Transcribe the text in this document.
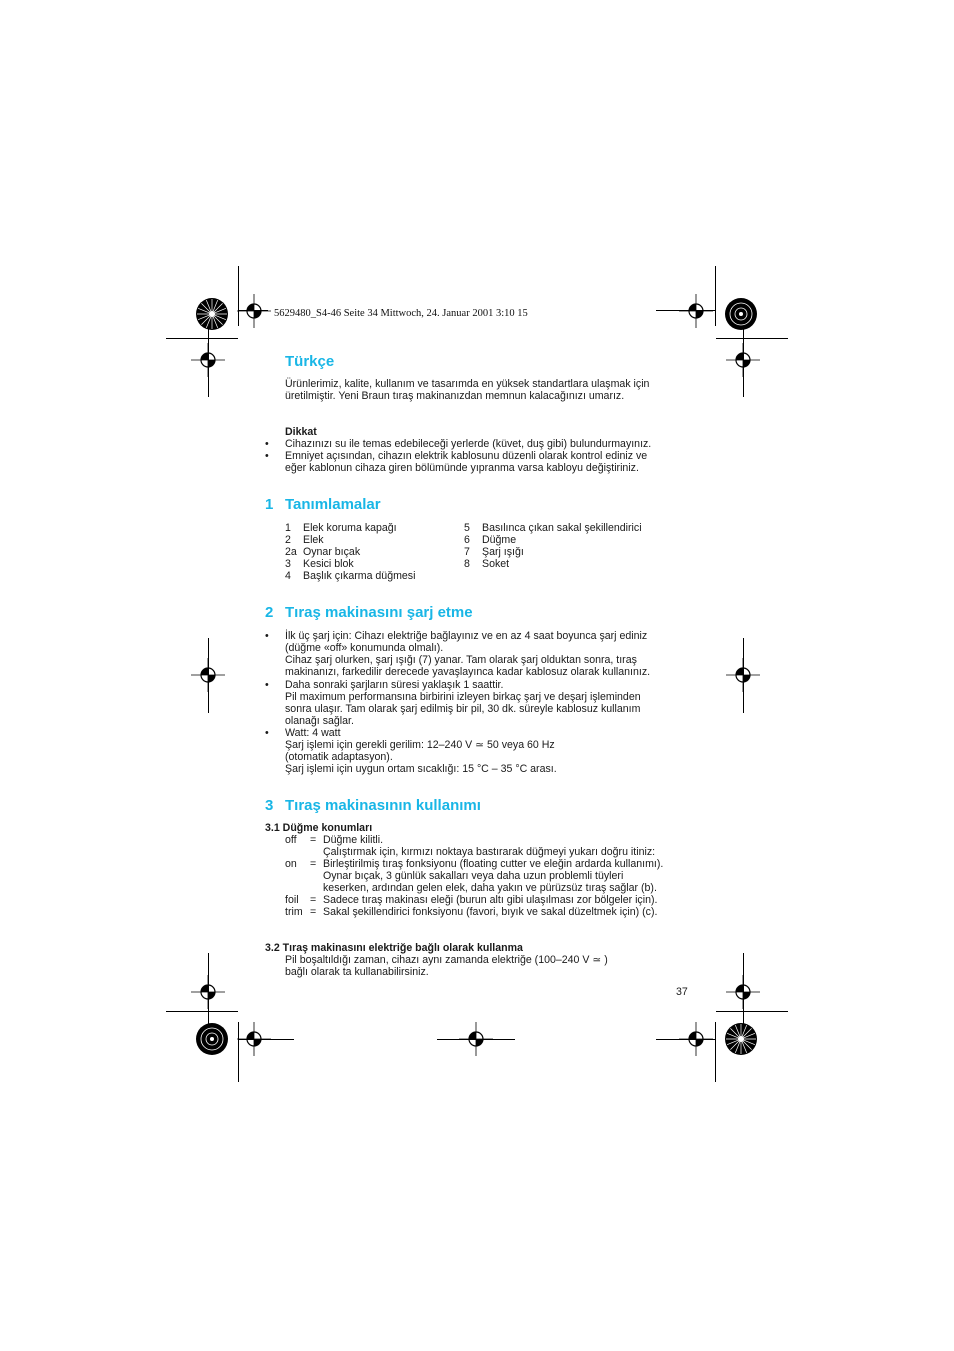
5629480_S4-46 Seite 34 Mittwoch, 24. Januar 2001 3:10 15
Türkçe
Ürünlerimiz, kalite, kullanım ve tasarımda en yüksek standartlara ulaşmak için
üretilmiştir. Yeni Braun tıraş makinanızdan memnun kalacağınızı umarız.
Dikkat
• Cihazınızı su ile temas edebileceği yerlerde (küvet, duş gibi) bulundurmayınız.
• Emniyet açısından, cihazın elektrik kablosunu düzenli olarak kontrol ediniz ve
eğer kablonun cihaza giren bölümünde yıpranma varsa kabloyu değiştiriniz.
1 Tanımlamalar
1 Elek koruma kapağı
2 Elek
2a Oynar bıçak
3 Kesici blok
4 Başlık çıkarma düğmesi
5 Basılınca çıkan sakal şekillendirici
6 Düğme
7 Şarj ışığı
8 Soket
2 Tıraş makinasını şarj etme
• İlk üç şarj için: Cihazı elektriğe bağlayınız ve en az 4 saat boyunca şarj ediniz
(düğme «off» konumunda olmalı).
Cihaz şarj olurken, şarj ışığı (7) yanar. Tam olarak şarj olduktan sonra, tıraş
makinanızı, farkedilir derecede yavaşlayınca kadar kablosuz olarak kullanınız.
• Daha sonraki şarjların süresi yaklaşık 1 saattir.
Pil maximum performansına birbirini izleyen birkaç şarj ve deşarj işleminden
sonra ulaşır. Tam olarak şarj edilmiş bir pil, 30 dk. süreyle kablosuz kullanım
olanağı sağlar.
• Watt: 4 watt
Şarj işlemi için gerekli gerilim: 12–240 V ≃ 50 veya 60 Hz
(otomatik adaptasyon).
Şarj işlemi için uygun ortam sıcaklığı: 15 °C – 35 °C arası.
3 Tıraş makinasının kullanımı
3.1 Düğme konumları
off = Düğme kilitli.
Çalıştırmak için, kırmızı noktaya bastırarak düğmeyi yukarı doğru itiniz:
on = Birleştirilmiş tıraş fonksiyonu (floating cutter ve eleğin ardarda kullanımı).
Oynar bıçak, 3 günlük sakalları veya daha uzun problemli tüyleri
keserken, ardından gelen elek, daha yakın ve pürüzsüz tıraş sağlar (b).
foil = Sadece tıraş makinası eleği (burun altı gibi ulaşılması zor bölgeler için).
trim = Sakal şekillendirici fonksiyonu (favori, bıyık ve sakal düzeltmek için) (c).
3.2 Tıraş makinasını elektriğe bağlı olarak kullanma
Pil boşaltıldığı zaman, cihazı aynı zamanda elektriğe (100–240 V ≃ )
bağlı olarak ta kullanabilirsiniz.
37
